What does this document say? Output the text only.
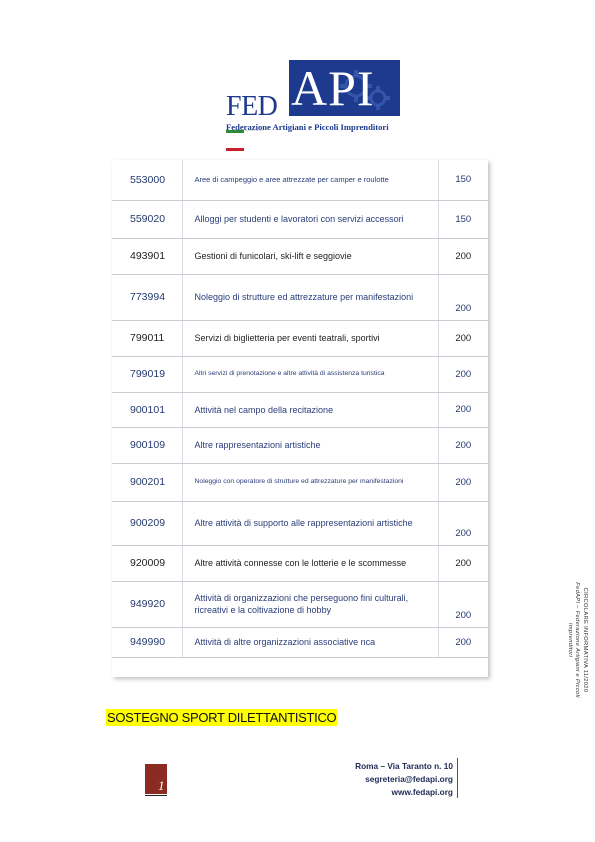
FED API
Federazione Artigiani e Piccoli Imprenditori
553000	Aree di campeggio e aree attrezzate per camper e roulotte	150
559020	Alloggi per studenti e lavoratori con servizi accessori	150
493901	Gestioni di funicolari, ski-lift e seggiovie	200
773994	Noleggio di strutture ed attrezzature per manifestazioni	200
799011	Servizi di biglietteria per eventi teatrali, sportivi	200
799019	Altri servizi di prenotazione e altre attività di assistenza turistica	200
900101	Attività nel campo della recitazione	200
900109	Altre rappresentazioni artistiche	200
900201	Noleggio con operatore di strutture ed attrezzature per manifestazioni	200
900209	Altre attività di supporto alle rappresentazioni artistiche	200
920009	Altre attività connesse con le lotterie e le scommesse	200
949920	Attività di organizzazioni che perseguono fini culturali, ricreativi e la coltivazione di hobby	200
949990	Attività di altre organizzazioni associative nca	200
SOSTEGNO SPORT DILETTANTISTICO
1
Roma – Via Taranto n. 10
segreteria@fedapi.org
www.fedapi.org
CIRCOLARE INFORMATIVA 11/2020
FedAPI – Federazione Artigiani e Piccoli Imprenditori
